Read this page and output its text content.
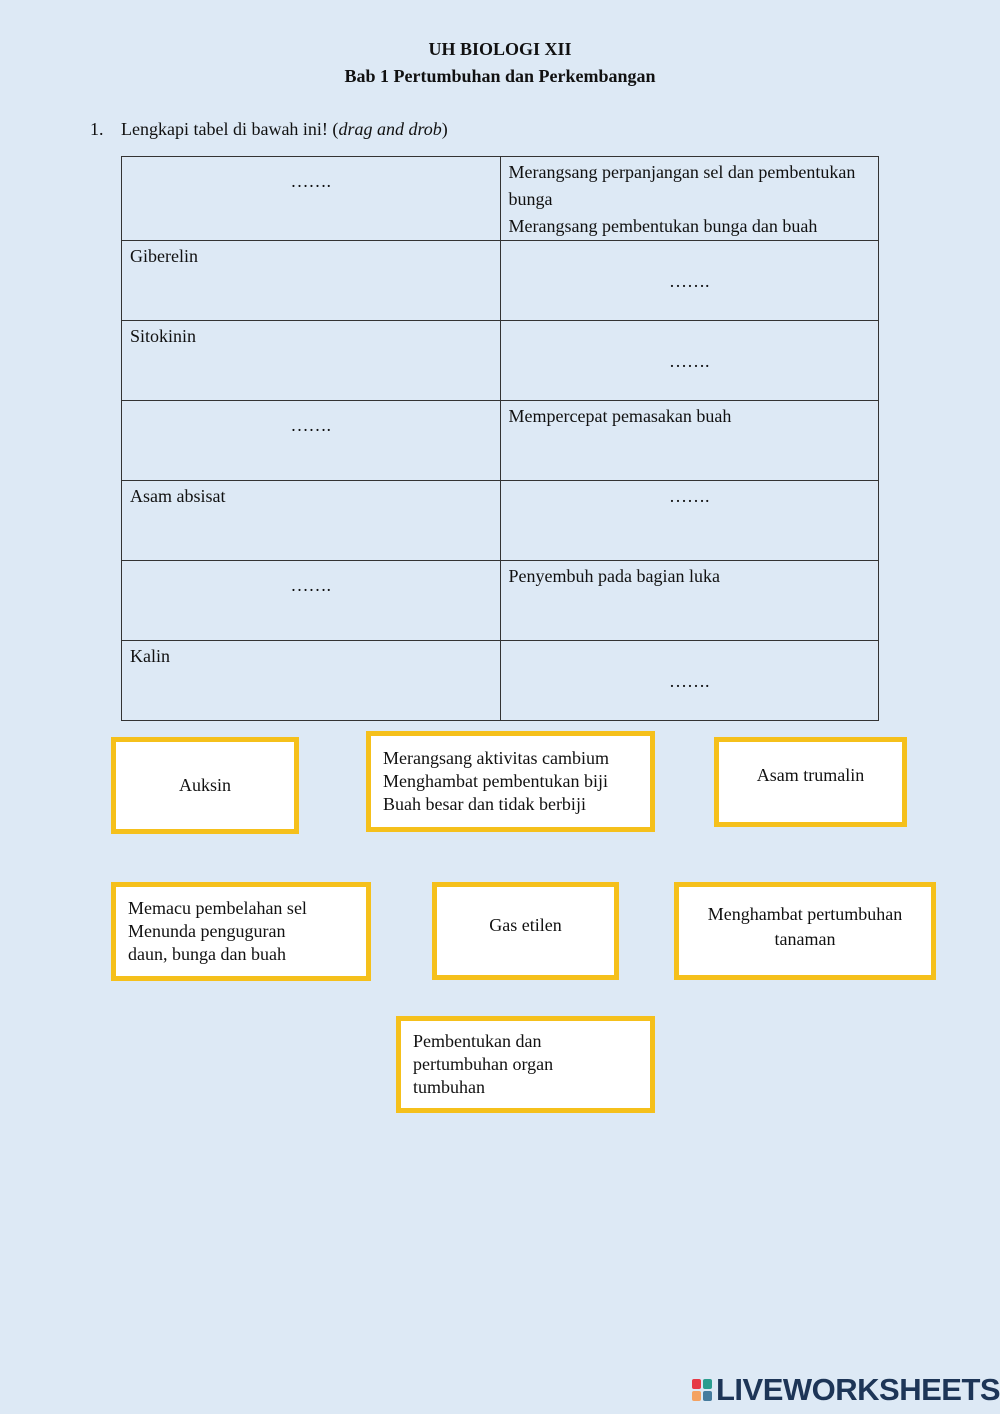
UH BIOLOGI XII
Bab 1 Pertumbuhan dan Perkembangan
1. Lengkapi tabel di bawah ini! (drag and drob)
…….	Merangsang perpanjangan sel dan pembentukan bunga
Merangsang pembentukan bunga dan buah

Giberelin	…….

Sitokinin	…….

…….	Mempercepat pemasakan buah

Asam absisat	…….

…….	Penyembuh pada bagian luka

Kalin	…….
Auksin
Merangsang aktivitas cambium
Menghambat pembentukan biji
Buah besar dan tidak berbiji
Asam trumalin
Memacu pembelahan sel
Menunda penguguran
daun, bunga dan buah
Gas etilen
Menghambat pertumbuhan
tanaman
Pembentukan dan
pertumbuhan organ
tumbuhan
LIVEWORKSHEETS
